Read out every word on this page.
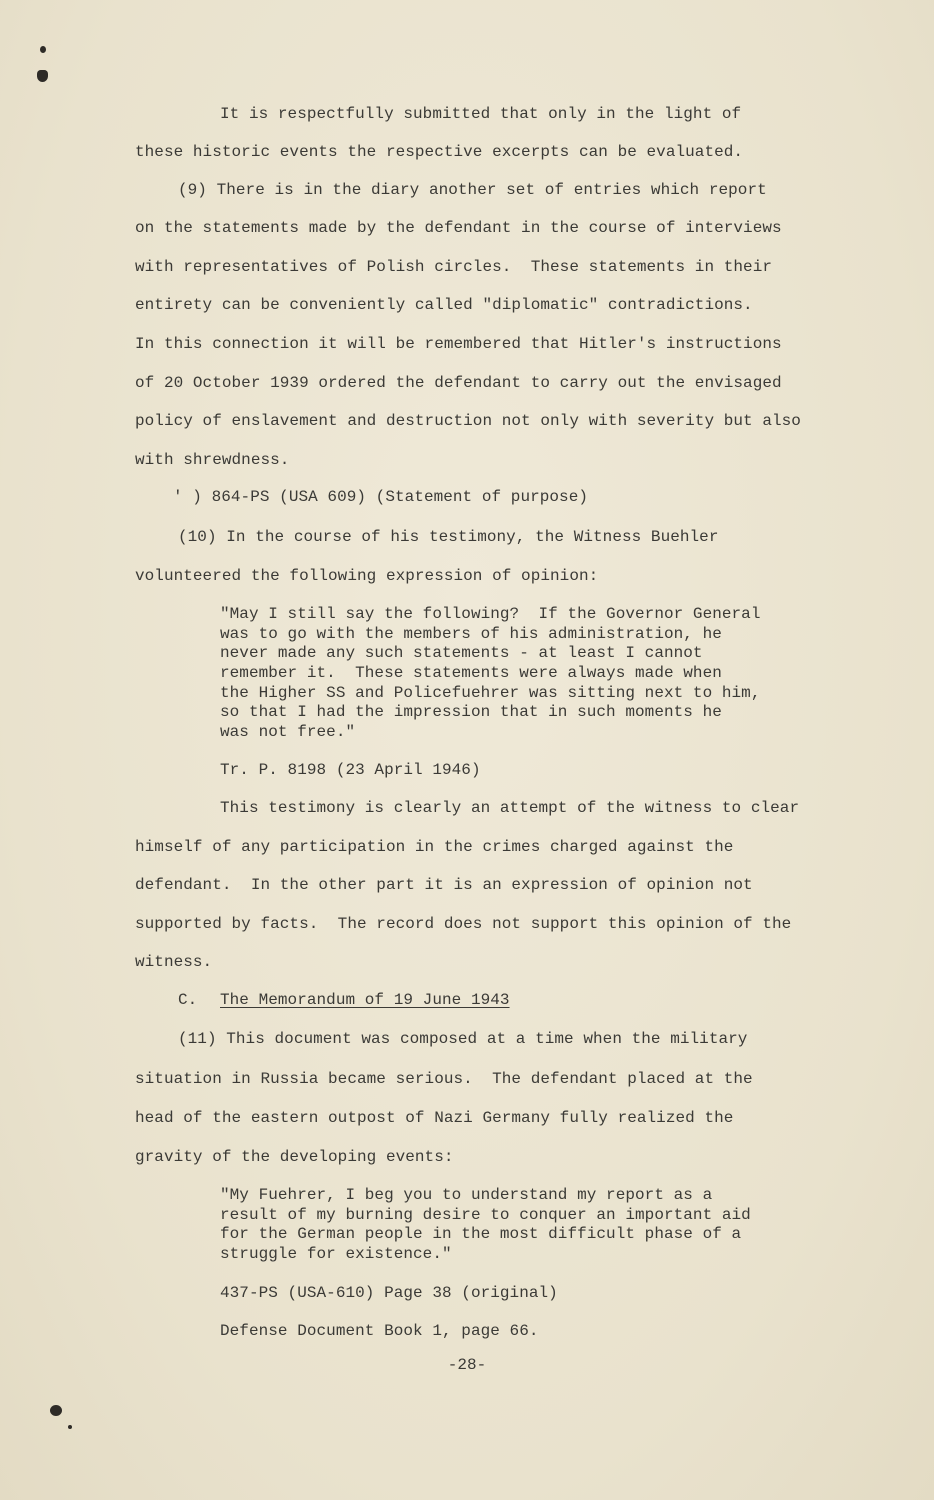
It is respectfully submitted that only in the light of
these historic events the respective excerpts can be evaluated.
(9) There is in the diary another set of entries which report
on the statements made by the defendant in the course of interviews
with representatives of Polish circles.  These statements in their
entirety can be conveniently called "diplomatic" contradictions.
In this connection it will be remembered that Hitler's instructions
of 20 October 1939 ordered the defendant to carry out the envisaged
policy of enslavement and destruction not only with severity but also
with shrewdness.
' ) 864-PS (USA 609) (Statement of purpose)
(10) In the course of his testimony, the Witness Buehler
volunteered the following expression of opinion:
"May I still say the following?  If the Governor General
was to go with the members of his administration, he
never made any such statements - at least I cannot
remember it.  These statements were always made when
the Higher SS and Policefuehrer was sitting next to him,
so that I had the impression that in such moments he
was not free."
Tr. P. 8198 (23 April 1946)
This testimony is clearly an attempt of the witness to clear
himself of any participation in the crimes charged against the
defendant.  In the other part it is an expression of opinion not
supported by facts.  The record does not support this opinion of the
witness.
C. The Memorandum of 19 June 1943
(11) This document was composed at a time when the military
situation in Russia became serious.  The defendant placed at the
head of the eastern outpost of Nazi Germany fully realized the
gravity of the developing events:
"My Fuehrer, I beg you to understand my report as a
result of my burning desire to conquer an important aid
for the German people in the most difficult phase of a
struggle for existence."
437-PS (USA-610) Page 38 (original)
Defense Document Book 1, page 66.
-28-
